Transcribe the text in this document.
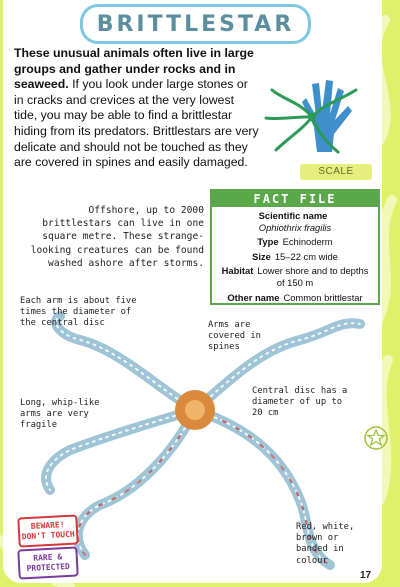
BRITTLESTAR
These unusual animals often live in large groups and gather under rocks and in seaweed. If you look under large stones or in cracks and crevices at the very lowest tide, you may be able to find a brittlestar hiding from its predators. Brittlestars are very delicate and should not be touched as they are covered in spines and easily damaged.
SCALE
FACT FILE
Scientific name
Ophiothrix fragilis
Type Echinoderm
Size 15–22 cm wide
Habitat Lower shore and to depths of 150 m
Other name Common brittlestar
Offshore, up to 2000 brittlestars can live in one square metre. These strange-looking creatures can be found washed ashore after storms.
Each arm is about five times the diameter of the central disc	Arms are covered in spines
Long, whip-like arms are very fragile
Central disc has a diameter of up to 20 cm
Red, white, brown or banded in colour
BEWARE! DON'T TOUCH
RARE & PROTECTED
17
